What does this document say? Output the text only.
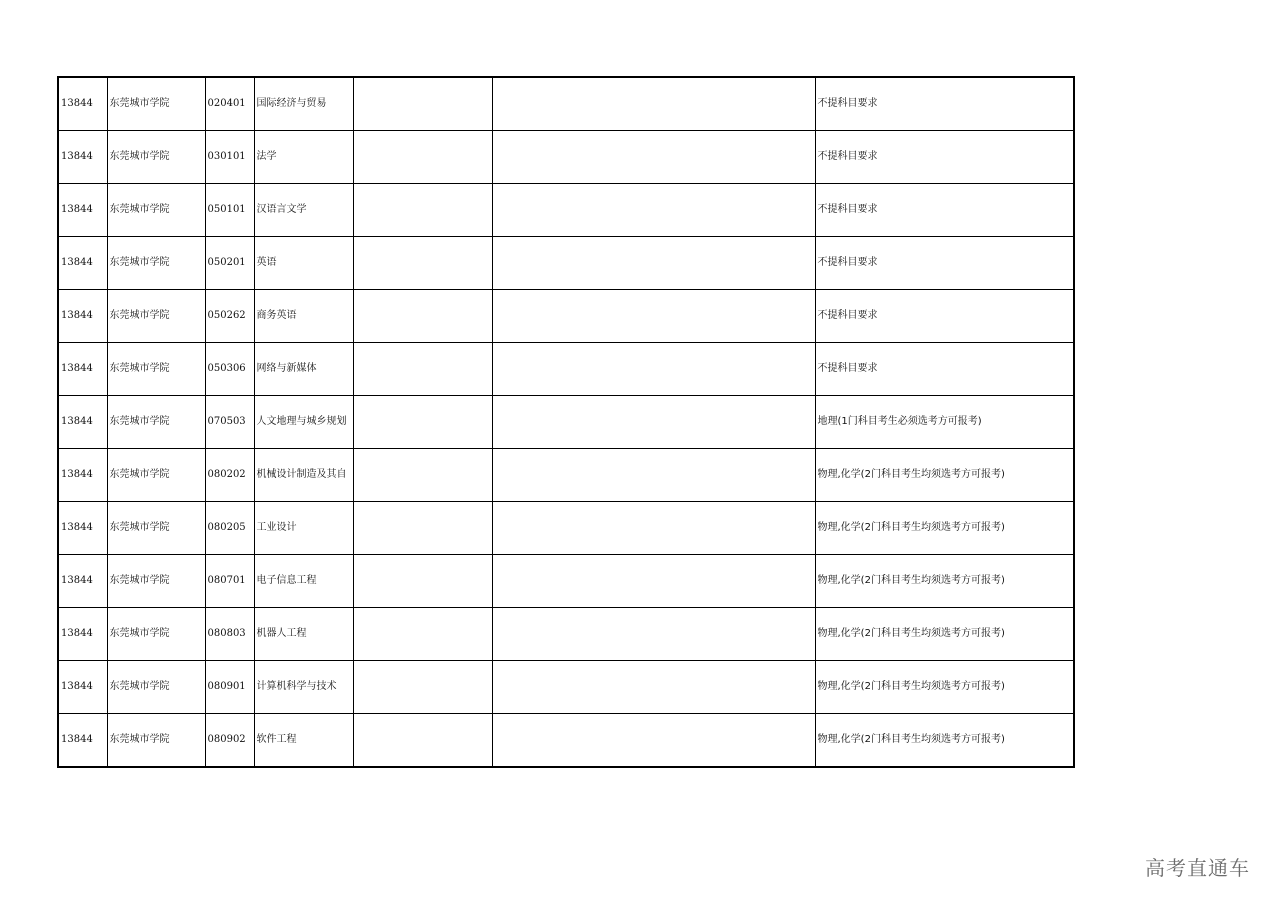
13844	东莞城市学院	020401	国际经济与贸易			不提科目要求
13844	东莞城市学院	030101	法学			不提科目要求
13844	东莞城市学院	050101	汉语言文学			不提科目要求
13844	东莞城市学院	050201	英语			不提科目要求
13844	东莞城市学院	050262	商务英语			不提科目要求
13844	东莞城市学院	050306	网络与新媒体			不提科目要求
13844	东莞城市学院	070503	人文地理与城乡规划			地理(1门科目考生必须选考方可报考)
13844	东莞城市学院	080202	机械设计制造及其自			物理,化学(2门科目考生均须选考方可报考)
13844	东莞城市学院	080205	工业设计			物理,化学(2门科目考生均须选考方可报考)
13844	东莞城市学院	080701	电子信息工程			物理,化学(2门科目考生均须选考方可报考)
13844	东莞城市学院	080803	机器人工程			物理,化学(2门科目考生均须选考方可报考)
13844	东莞城市学院	080901	计算机科学与技术			物理,化学(2门科目考生均须选考方可报考)
13844	东莞城市学院	080902	软件工程			物理,化学(2门科目考生均须选考方可报考)
高考直通车
